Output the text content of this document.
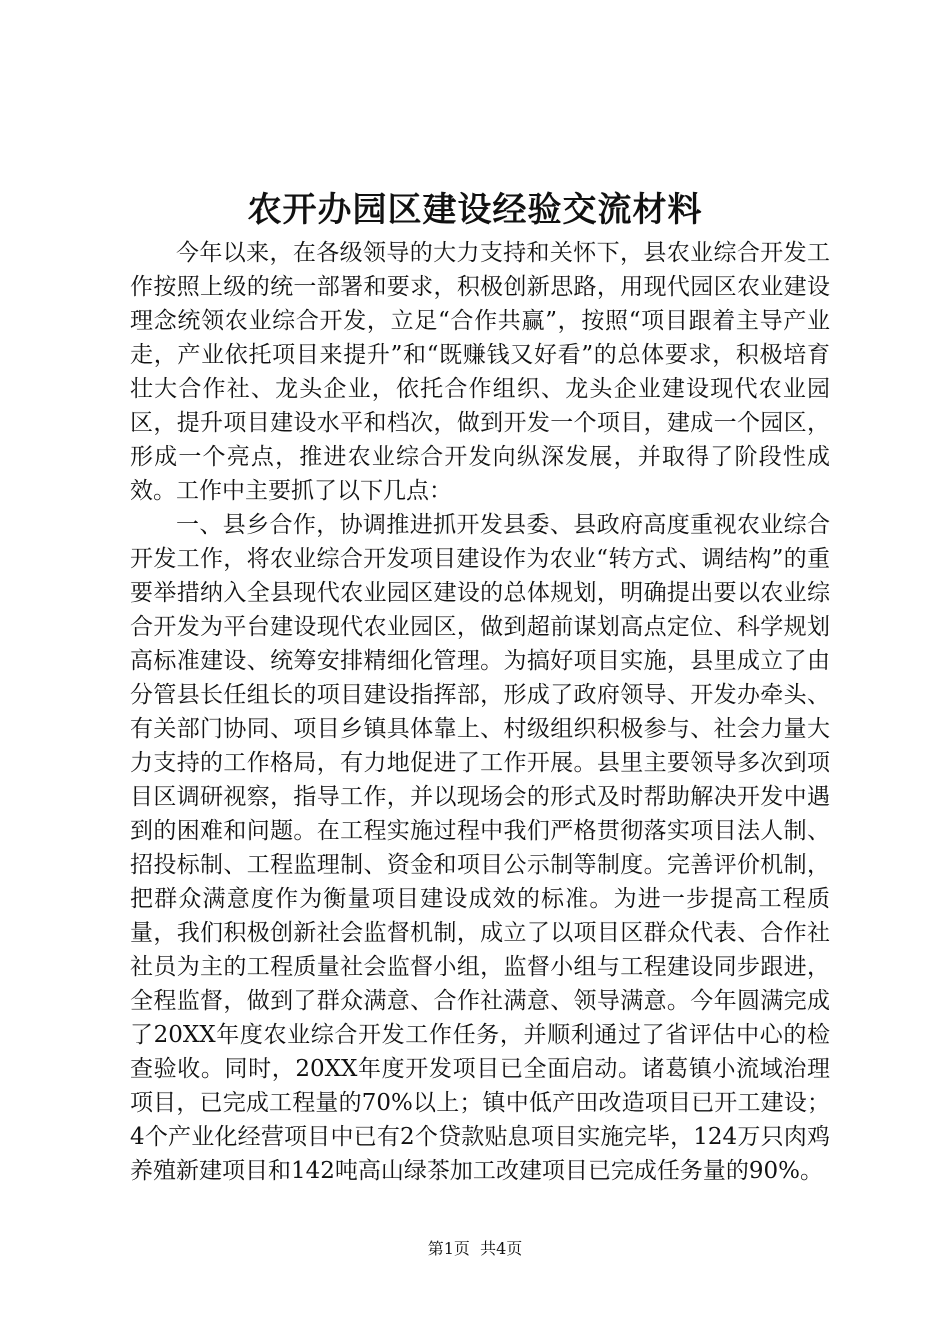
农开办园区建设经验交流材料

今年以来，在各级领导的大力支持和关怀下，县农业综合开发工作按照上级的统一部署和要求，积极创新思路，用现代园区农业建设理念统领农业综合开发，立足“合作共赢”，按照“项目跟着主导产业走，产业依托项目来提升”和“既赚钱又好看”的总体要求，积极培育壮大合作社、龙头企业，依托合作组织、龙头企业建设现代农业园区，提升项目建设水平和档次，做到开发一个项目，建成一个园区，形成一个亮点，推进农业综合开发向纵深发展，并取得了阶段性成效。工作中主要抓了以下几点：

一、县乡合作，协调推进抓开发县委、县政府高度重视农业综合开发工作，将农业综合开发项目建设作为农业“转方式、调结构”的重要举措纳入全县现代农业园区建设的总体规划，明确提出要以农业综合开发为平台建设现代农业园区，做到超前谋划高点定位、科学规划高标准建设、统筹安排精细化管理。为搞好项目实施，县里成立了由分管县长任组长的项目建设指挥部，形成了政府领导、开发办牵头、有关部门协同、项目乡镇具体靠上、村级组织积极参与、社会力量大力支持的工作格局，有力地促进了工作开展。县里主要领导多次到项目区调研视察，指导工作，并以现场会的形式及时帮助解决开发中遇到的困难和问题。在工程实施过程中我们严格贯彻落实项目法人制、招投标制、工程监理制、资金和项目公示制等制度。完善评价机制，把群众满意度作为衡量项目建设成效的标准。为进一步提高工程质量，我们积极创新社会监督机制，成立了以项目区群众代表、合作社社员为主的工程质量社会监督小组，监督小组与工程建设同步跟进，全程监督，做到了群众满意、合作社满意、领导满意。今年圆满完成了20XX年度农业综合开发工作任务，并顺利通过了省评估中心的检查验收。同时，20XX年度开发项目已全面启动。诸葛镇小流域治理项目，已完成工程量的70%以上；镇中低产田改造项目已开工建设；4个产业化经营项目中已有2个贷款贴息项目实施完毕，124万只肉鸡养殖新建项目和142吨高山绿茶加工改建项目已完成任务量的90%。

第1页  共4页
